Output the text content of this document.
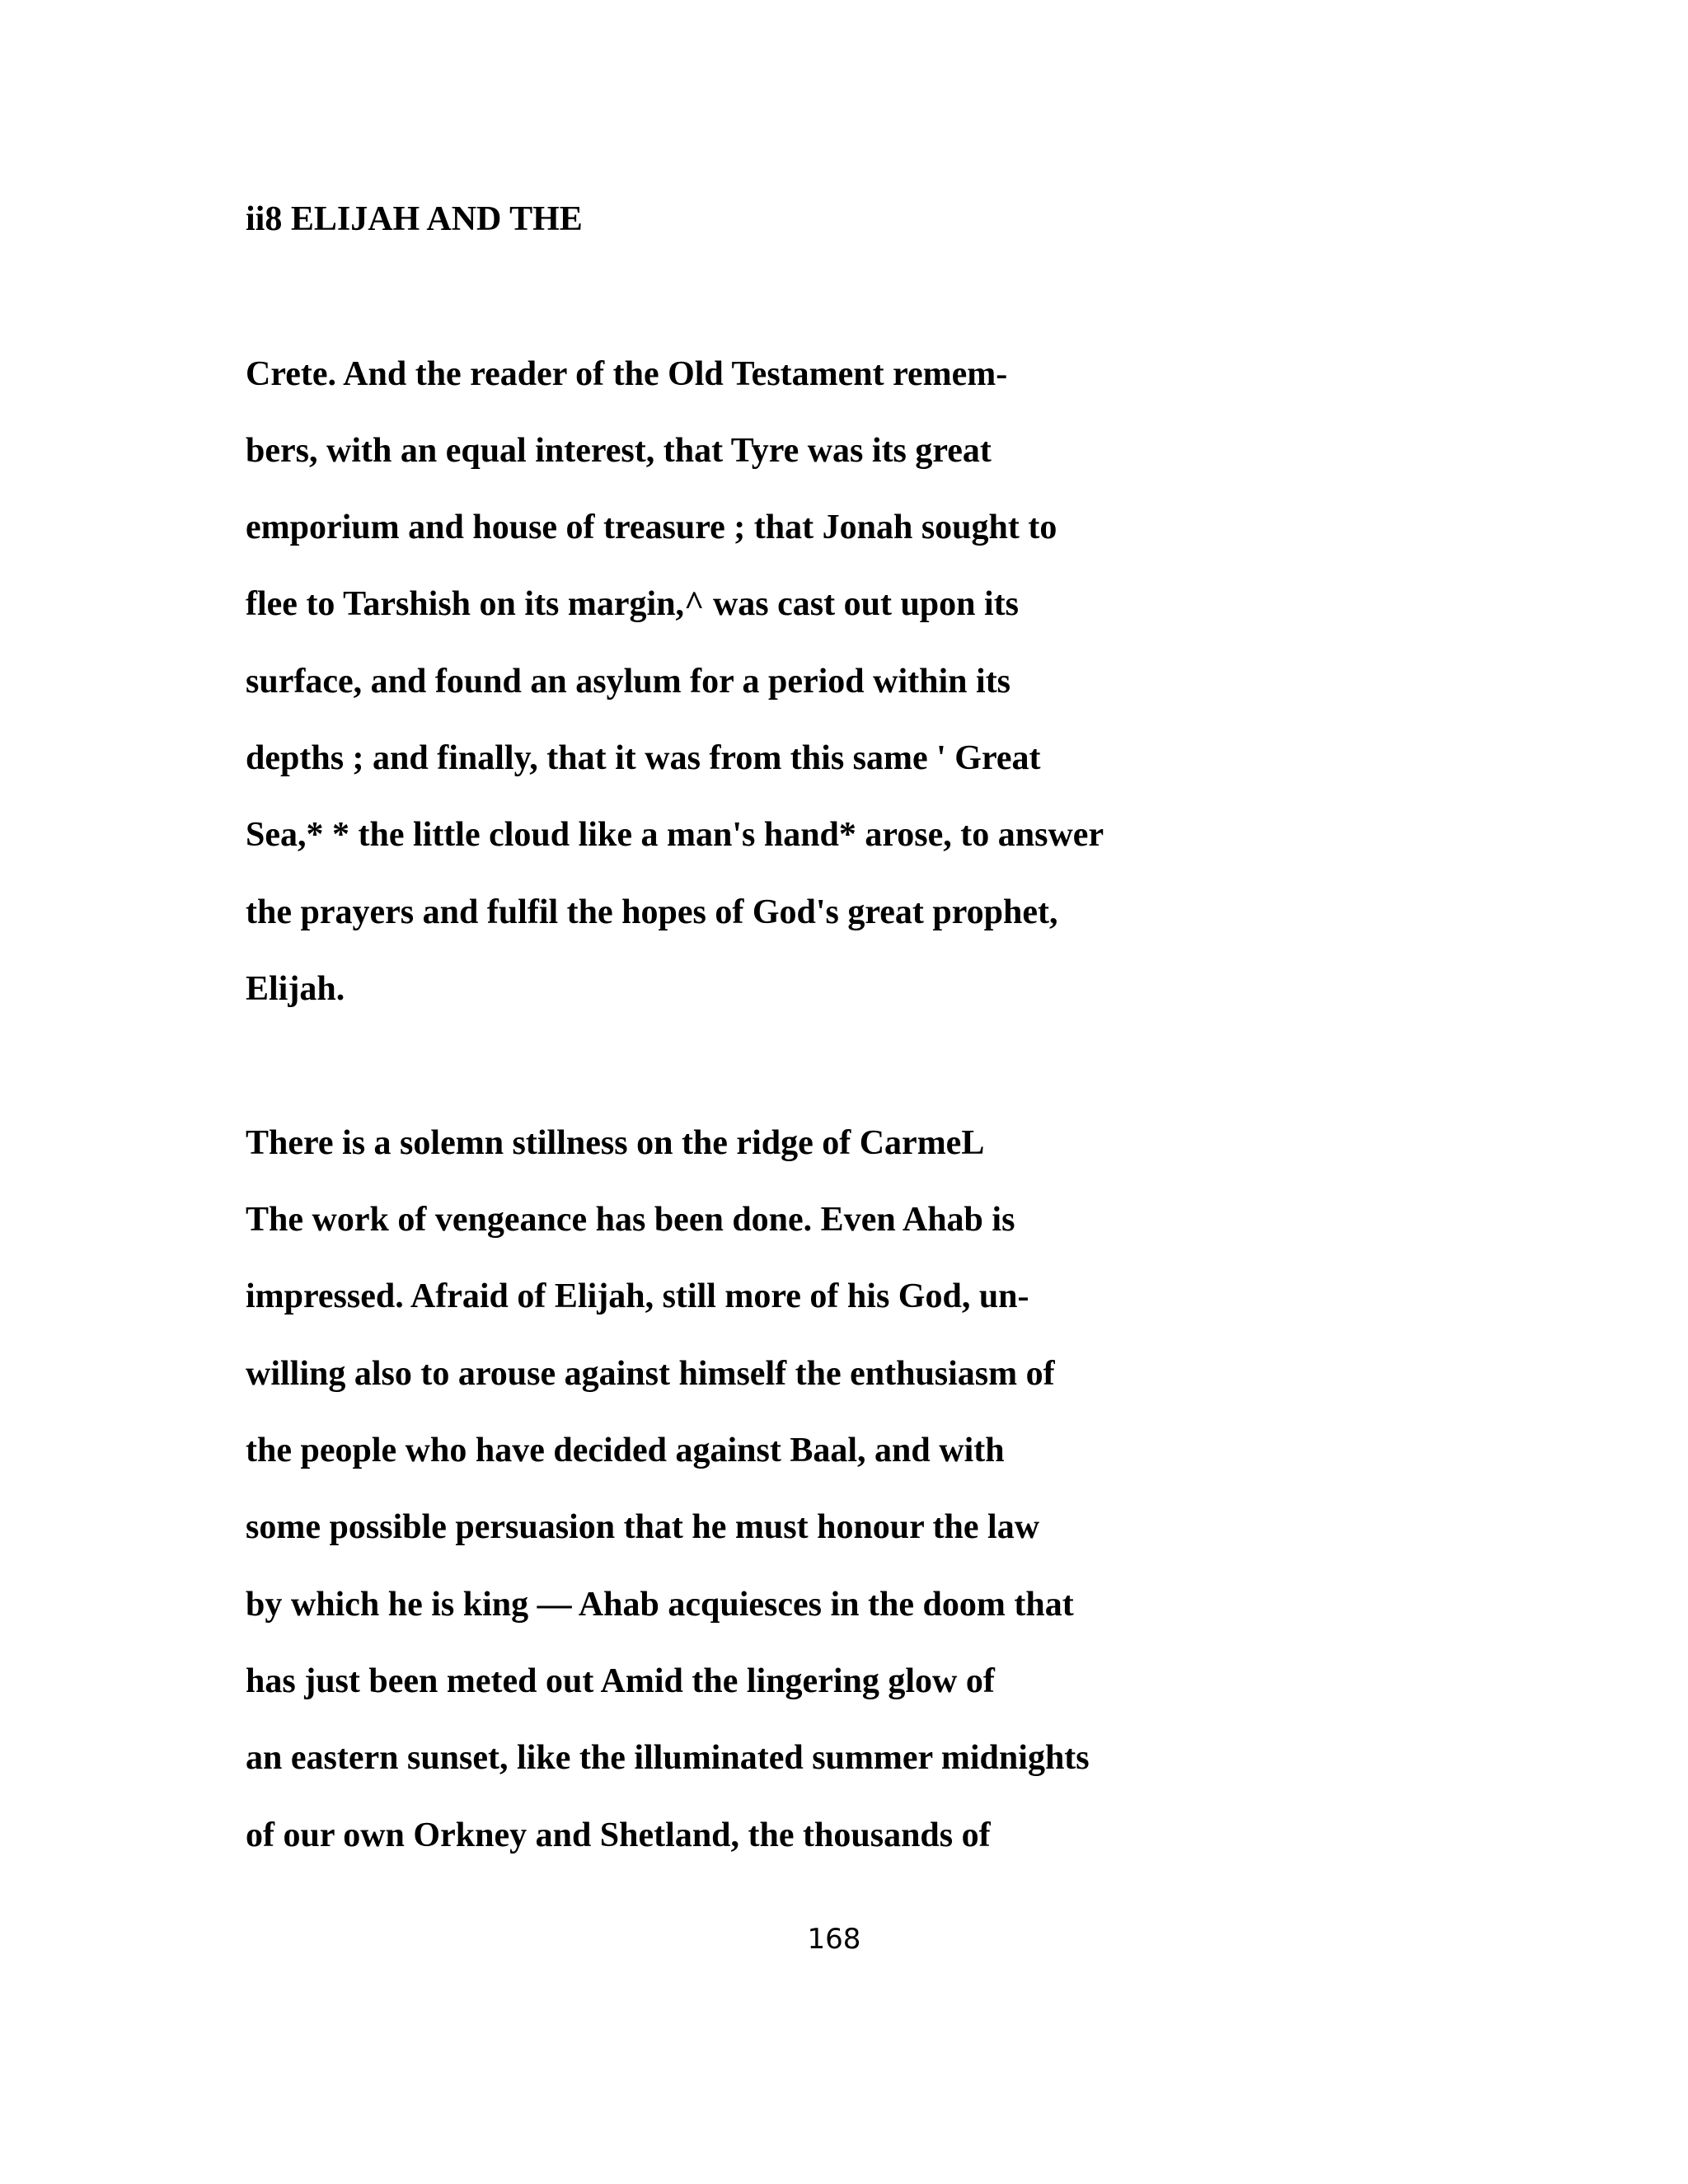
ii8 ELIJAH AND THE
Crete. And the reader of the Old Testament remem-
bers, with an equal interest, that Tyre was its great
emporium and house of treasure ; that Jonah sought to
flee to Tarshish on its margin,^ was cast out upon its
surface, and found an asylum for a period within its
depths ; and finally, that it was from this same ' Great
Sea,* * the little cloud like a man's hand* arose, to answer
the prayers and fulfil the hopes of God's great prophet,
Elijah.
There is a solemn stillness on the ridge of CarmeL
The work of vengeance has been done. Even Ahab is
impressed. Afraid of Elijah, still more of his God, un-
willing also to arouse against himself the enthusiasm of
the people who have decided against Baal, and with
some possible persuasion that he must honour the law
by which he is king — Ahab acquiesces in the doom that
has just been meted out Amid the lingering glow of
an eastern sunset, like the illuminated summer midnights
of our own Orkney and Shetland, the thousands of
168
